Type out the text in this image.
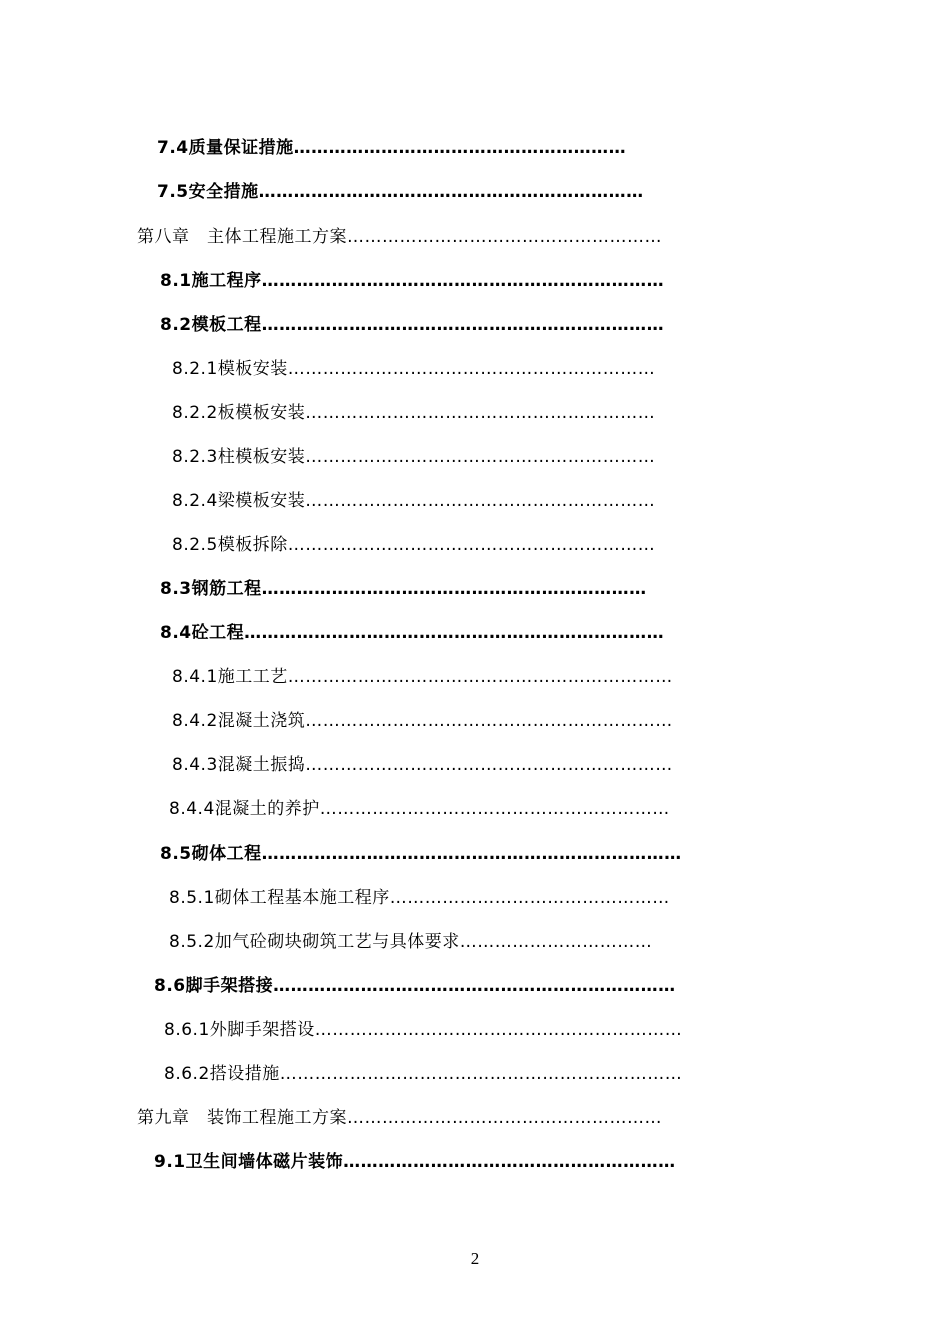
7.4质量保证措施…………………………………………………
7.5安全措施…………………………………………………………
第八章　主体工程施工方案………………………………………………
8.1施工程序……………………………………………………………
8.2模板工程……………………………………………………………
8.2.1模板安装………………………………………………………
8.2.2板模板安装……………………………………………………
8.2.3柱模板安装……………………………………………………
8.2.4梁模板安装……………………………………………………
8.2.5模板拆除………………………………………………………
8.3钢筋工程…………………………………………………………
8.4砼工程………………………………………………………………
8.4.1施工工艺…………………………………………………………
8.4.2混凝土浇筑………………………………………………………
8.4.3混凝土振捣………………………………………………………
8.4.4混凝土的养护……………………………………………………
8.5砌体工程………………………………………………………………
8.5.1砌体工程基本施工程序…………………………………………
8.5.2加气砼砌块砌筑工艺与具体要求……………………………
8.6脚手架搭接……………………………………………………………
8.6.1外脚手架搭设………………………………………………………
8.6.2搭设措施……………………………………………………………
第九章　装饰工程施工方案………………………………………………
9.1卫生间墙体磁片装饰…………………………………………………
2
